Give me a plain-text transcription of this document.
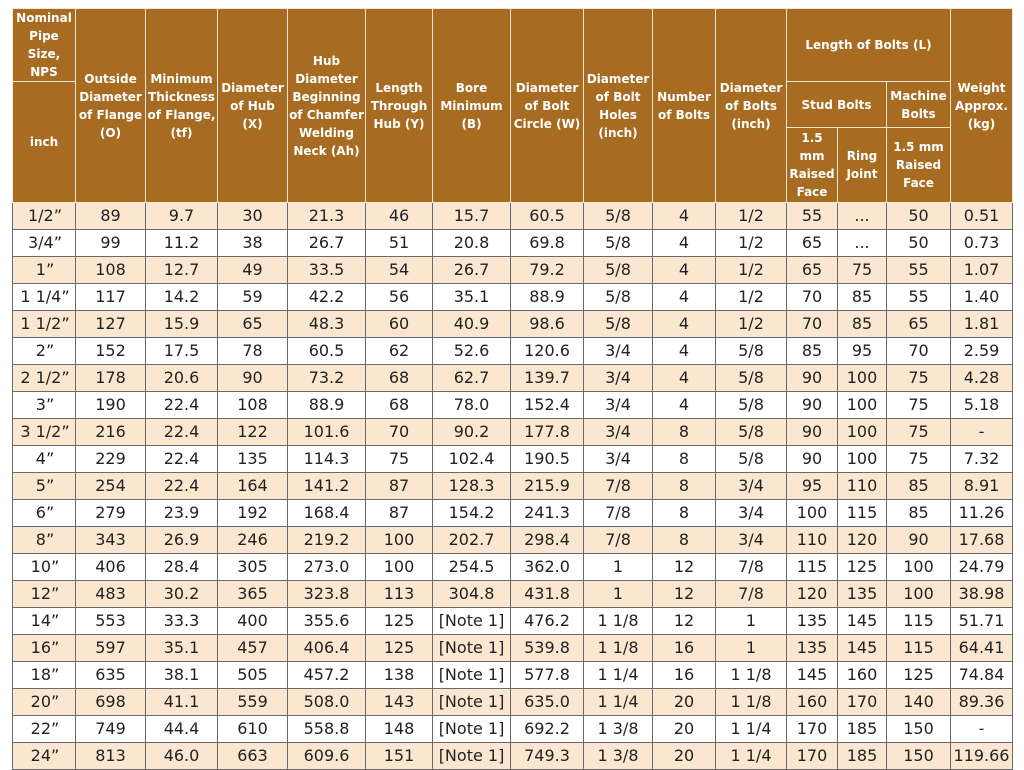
Nominal Pipe Size, NPS	Outside Diameter of Flange (O)	Minimum Thickness of Flange, (tf)	Diameter of Hub (X)	Hub Diameter Beginning of Chamfer Welding Neck (Ah)	Length Through Hub (Y)	Bore Minimum (B)	Diameter of Bolt Circle (W)	Diameter of Bolt Holes (inch)	Number of Bolts	Diameter of Bolts (inch)	Length of Bolts (L)			Weight Approx. (kg)
inch											Stud Bolts		Machine Bolts	
											1.5 mm Raised Face	Ring Joint	1.5 mm Raised Face	
1/2”	89	9.7	30	21.3	46	15.7	60.5	5/8	4	1/2	55	...	50	0.51
3/4”	99	11.2	38	26.7	51	20.8	69.8	5/8	4	1/2	65	...	50	0.73
1”	108	12.7	49	33.5	54	26.7	79.2	5/8	4	1/2	65	75	55	1.07
1 1/4”	117	14.2	59	42.2	56	35.1	88.9	5/8	4	1/2	70	85	55	1.40
1 1/2”	127	15.9	65	48.3	60	40.9	98.6	5/8	4	1/2	70	85	65	1.81
2”	152	17.5	78	60.5	62	52.6	120.6	3/4	4	5/8	85	95	70	2.59
2 1/2”	178	20.6	90	73.2	68	62.7	139.7	3/4	4	5/8	90	100	75	4.28
3”	190	22.4	108	88.9	68	78.0	152.4	3/4	4	5/8	90	100	75	5.18
3 1/2”	216	22.4	122	101.6	70	90.2	177.8	3/4	8	5/8	90	100	75	-
4”	229	22.4	135	114.3	75	102.4	190.5	3/4	8	5/8	90	100	75	7.32
5”	254	22.4	164	141.2	87	128.3	215.9	7/8	8	3/4	95	110	85	8.91
6”	279	23.9	192	168.4	87	154.2	241.3	7/8	8	3/4	100	115	85	11.26
8”	343	26.9	246	219.2	100	202.7	298.4	7/8	8	3/4	110	120	90	17.68
10”	406	28.4	305	273.0	100	254.5	362.0	1	12	7/8	115	125	100	24.79
12”	483	30.2	365	323.8	113	304.8	431.8	1	12	7/8	120	135	100	38.98
14”	553	33.3	400	355.6	125	[Note 1]	476.2	1 1/8	12	1	135	145	115	51.71
16”	597	35.1	457	406.4	125	[Note 1]	539.8	1 1/8	16	1	135	145	115	64.41
18”	635	38.1	505	457.2	138	[Note 1]	577.8	1 1/4	16	1 1/8	145	160	125	74.84
20”	698	41.1	559	508.0	143	[Note 1]	635.0	1 1/4	20	1 1/8	160	170	140	89.36
22”	749	44.4	610	558.8	148	[Note 1]	692.2	1 3/8	20	1 1/4	170	185	150	-
24”	813	46.0	663	609.6	151	[Note 1]	749.3	1 3/8	20	1 1/4	170	185	150	119.66
